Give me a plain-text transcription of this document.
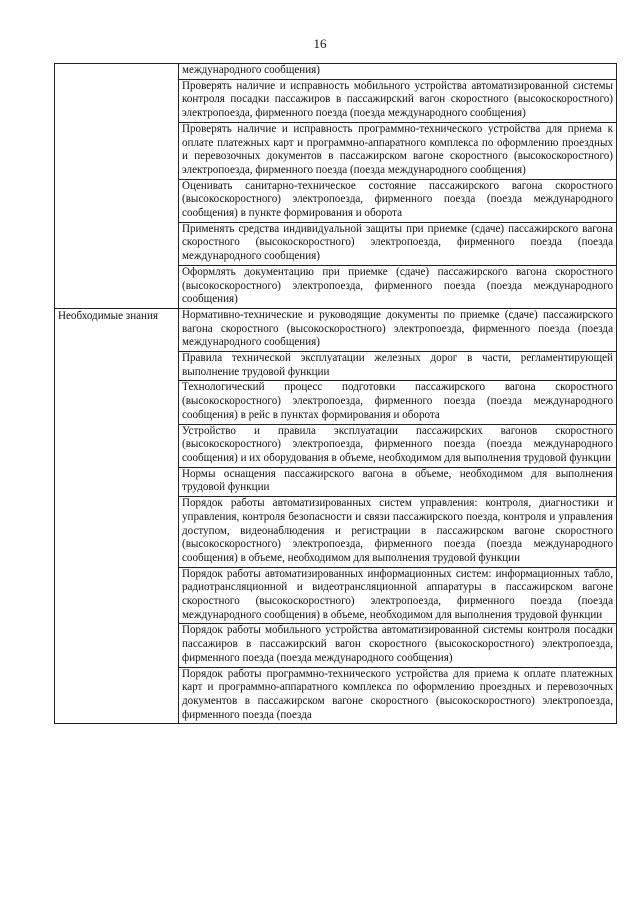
16
	международного сообщения)
	Проверять наличие и исправность мобильного устройства автоматизированной системы контроля посадки пассажиров в пассажирский вагон скоростного (высокоскоростного) электропоезда, фирменного поезда (поезда международного сообщения)
	Проверять наличие и исправность программно-технического устройства для приема к оплате платежных карт и программно-аппаратного комплекса по оформлению проездных и перевозочных документов в пассажирском вагоне скоростного (высокоскоростного) электропоезда, фирменного поезда (поезда международного сообщения)
	Оценивать санитарно-техническое состояние пассажирского вагона скоростного (высокоскоростного) электропоезда, фирменного поезда (поезда международного сообщения) в пункте формирования и оборота
	Применять средства индивидуальной защиты при приемке (сдаче) пассажирского вагона скоростного (высокоскоростного) электропоезда, фирменного поезда (поезда международного сообщения)
	Оформлять документацию при приемке (сдаче) пассажирского вагона скоростного (высокоскоростного) электропоезда, фирменного поезда (поезда международного сообщения)

Необходимые знания	Нормативно-технические и руководящие документы по приемке (сдаче) пассажирского вагона скоростного (высокоскоростного) электропоезда, фирменного поезда (поезда международного сообщения)
	Правила технической эксплуатации железных дорог в части, регламентирующей выполнение трудовой функции
	Технологический процесс подготовки пассажирского вагона скоростного (высокоскоростного) электропоезда, фирменного поезда (поезда международного сообщения) в рейс в пунктах формирования и оборота
	Устройство и правила эксплуатации пассажирских вагонов скоростного (высокоскоростного) электропоезда, фирменного поезда (поезда международного сообщения) и их оборудования в объеме, необходимом для выполнения трудовой функции
	Нормы оснащения пассажирского вагона в объеме, необходимом для выполнения трудовой функции
	Порядок работы автоматизированных систем управления: контроля, диагностики и управления, контроля безопасности и связи пассажирского поезда, контроля и управления доступом, видеонаблюдения и регистрации в пассажирском вагоне скоростного (высокоскоростного) электропоезда, фирменного поезда (поезда международного сообщения) в объеме, необходимом для выполнения трудовой функции
	Порядок работы автоматизированных информационных систем: информационных табло, радиотрансляционной и видеотрансляционной аппаратуры в пассажирском вагоне скоростного (высокоскоростного) электропоезда, фирменного поезда (поезда международного сообщения) в объеме, необходимом для выполнения трудовой функции
	Порядок работы мобильного устройства автоматизированной системы контроля посадки пассажиров в пассажирский вагон скоростного (высокоскоростного) электропоезда, фирменного поезда (поезда международного сообщения)
	Порядок работы программно-технического устройства для приема к оплате платежных карт и программно-аппаратного комплекса по оформлению проездных и перевозочных документов в пассажирском вагоне скоростного (высокоскоростного) электропоезда, фирменного поезда (поезда
